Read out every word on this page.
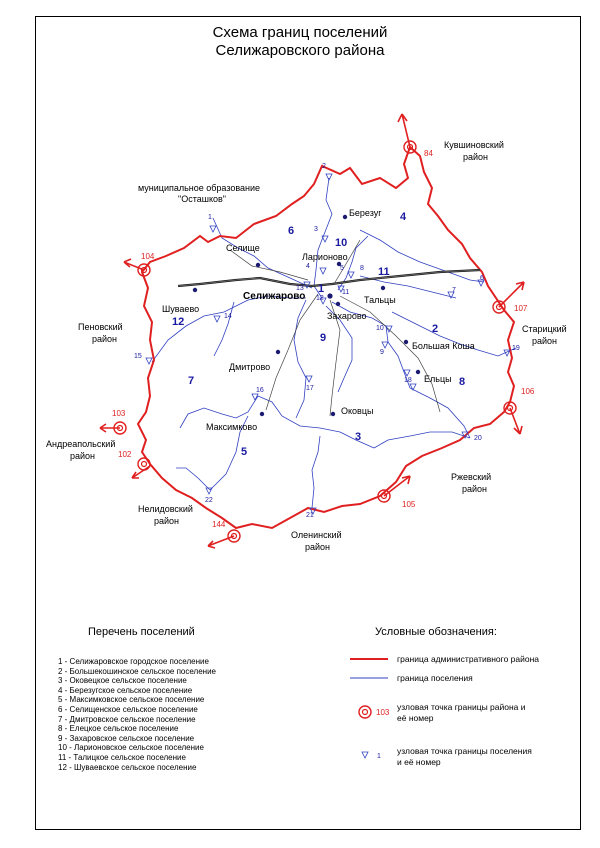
Схема границ поселений
Селижаровского района
84
104
107
106
103
102
144
105
2
1
3
4	5
6
7
8
9
10
11
12
13
14
15
16	17
18
19
20
21
22
Селижарово
Селище
Березуг
Ларионово
Тальцы
Захарово
Шуваево
Дмитрово
Большая Коша
Ельцы
Максимково
Оковцы
1
2
3
4
5
6
7	8
9
10
11
12
Кувшиновский
район
муниципальное образование
"Осташков"
Пеновский
район
Андреапольский
район
Нелидовский
район
Оленинский
район
Ржевский
район
Старицкий
район
103
1
Перечень поселений
1 - Селижаровское городское поселение
2 - Большекошинское сельское поселение
3 - Оковецкое сельское поселение
4 - Березугское сельское поселение
5 - Максимковское сельское поселение
6 - Селищенское сельское поселение
7 - Дмитровское сельское поселение
8 - Елецкое сельское поселение
9 - Захаровское сельское поселение
10 - Ларионовское сельское поселение
11 - Талицкое сельское поселение
12 - Шуваевское сельское поселение
Условные обозначения:
граница административного района
граница поселения
узловая точка границы района и
её номер
узловая точка границы поселения
и её номер
